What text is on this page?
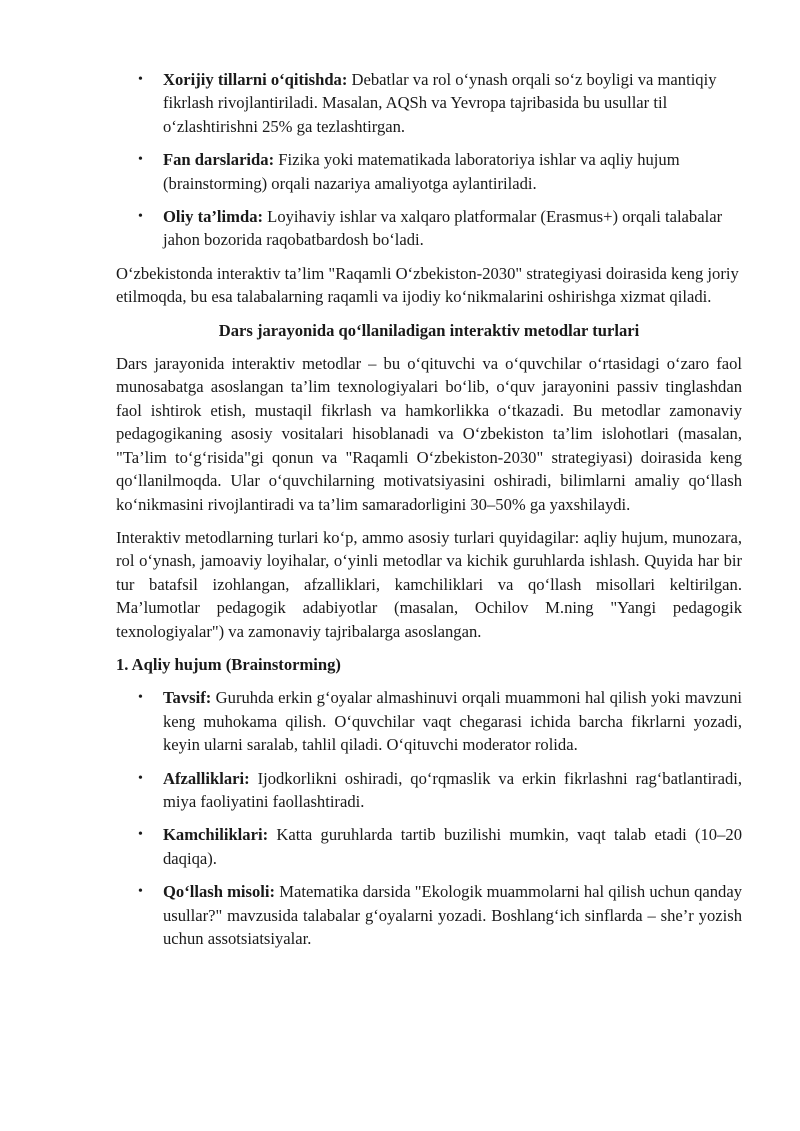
• Xorijiy tillarni o‘qitishda: Debatlar va rol o‘ynash orqali so‘z boyligi va mantiqiy fikrlash rivojlantiriladi. Masalan, AQSh va Yevropa tajribasida bu usullar til o‘zlashtirishni 25% ga tezlashtirgan.
• Fan darslarida: Fizika yoki matematikada laboratoriya ishlar va aqliy hujum (brainstorming) orqali nazariya amaliyotga aylantiriladi.
• Oliy ta’limda: Loyihaviy ishlar va xalqaro platformalar (Erasmus+) orqali talabalar jahon bozorida raqobatbardosh bo‘ladi.

O‘zbekistonda interaktiv ta’lim "Raqamli O‘zbekiston-2030" strategiyasi doirasida keng joriy etilmoqda, bu esa talabalarning raqamli va ijodiy ko‘nikmalarini oshirishga xizmat qiladi.

Dars jarayonida qo‘llaniladigan interaktiv metodlar turlari

Dars jarayonida interaktiv metodlar – bu o‘qituvchi va o‘quvchilar o‘rtasidagi o‘zaro faol munosabatga asoslangan ta’lim texnologiyalari bo‘lib, o‘quv jarayonini passiv tinglashdan faol ishtirok etish, mustaqil fikrlash va hamkorlikka o‘tkazadi. Bu metodlar zamonaviy pedagogikaning asosiy vositalari hisoblanadi va O‘zbekiston ta’lim islohotlari (masalan, "Ta’lim to‘g‘risida"gi qonun va "Raqamli O‘zbekiston-2030" strategiyasi) doirasida keng qo‘llanilmoqda. Ular o‘quvchilarning motivatsiyasini oshiradi, bilimlarni amaliy qo‘llash ko‘nikmasini rivojlantiradi va ta’lim samaradorligini 30–50% ga yaxshilaydi.

Interaktiv metodlarning turlari ko‘p, ammo asosiy turlari quyidagilar: aqliy hujum, munozara, rol o‘ynash, jamoaviy loyihalar, o‘yinli metodlar va kichik guruhlarda ishlash. Quyida har bir tur batafsil izohlangan, afzalliklari, kamchiliklari va qo‘llash misollari keltirilgan. Ma’lumotlar pedagogik adabiyotlar (masalan, Ochilov M.ning "Yangi pedagogik texnologiyalar") va zamonaviy tajribalarga asoslangan.

1. Aqliy hujum (Brainstorming)
• Tavsif: Guruhda erkin g‘oyalar almashinuvi orqali muammoni hal qilish yoki mavzuni keng muhokama qilish. O‘quvchilar vaqt chegarasi ichida barcha fikrlarni yozadi, keyin ularni saralab, tahlil qiladi. O‘qituvchi moderator rolida.
• Afzalliklari: Ijodkorlikni oshiradi, qo‘rqmaslik va erkin fikrlashni rag‘batlantiradi, miya faoliyatini faollashtiradi.
• Kamchiliklari: Katta guruhlarda tartib buzilishi mumkin, vaqt talab etadi (10–20 daqiqa).
• Qo‘llash misoli: Matematika darsida "Ekologik muammolarni hal qilish uchun qanday usullar?" mavzusida talabalar g‘oyalarni yozadi. Boshlang‘ich sinflarda – she’r yozish uchun assotsiatsiyalar.
